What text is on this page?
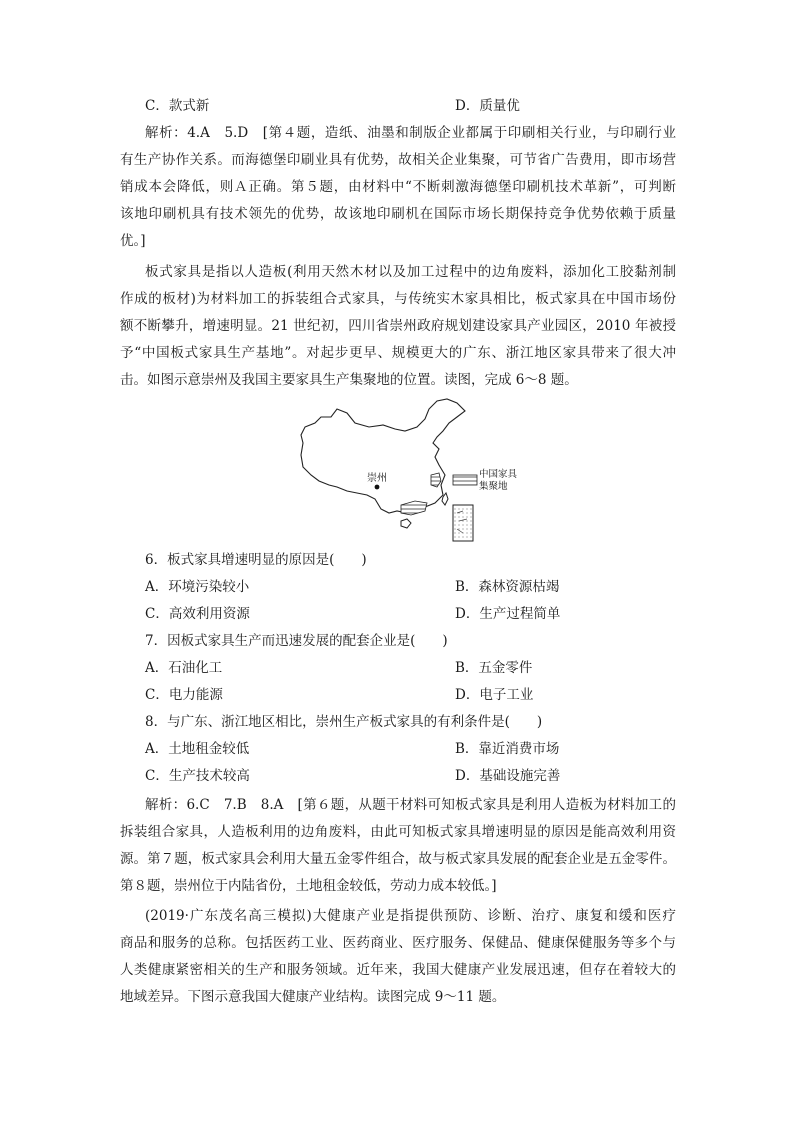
C．款式新	D．质量优
解析：4.A　5.D　[第４题，造纸、油墨和制版企业都属于印刷相关行业，与印刷行业
有生产协作关系。而海德堡印刷业具有优势，故相关企业集聚，可节省广告费用，即市场营
销成本会降低，则Ａ正确。第５题，由材料中“不断刺激海德堡印刷机技术革新”，可判断
该地印刷机具有技术领先的优势，故该地印刷机在国际市场长期保持竞争优势依赖于质量
优。]
板式家具是指以人造板(利用天然木材以及加工过程中的边角废料，添加化工胶黏剂制
作成的板材)为材料加工的拆装组合式家具，与传统实木家具相比，板式家具在中国市场份
额不断攀升，增速明显。21 世纪初，四川省崇州政府规划建设家具产业园区，2010 年被授
予“中国板式家具生产基地”。对起步更早、规模更大的广东、浙江地区家具带来了很大冲
击。如图示意崇州及我国主要家具生产集聚地的位置。读图，完成 6～8 题。
崇州	中国家具
集聚地
6．板式家具增速明显的原因是(　　)
A．环境污染较小	B．森林资源枯竭
C．高效利用资源	D．生产过程简单
7．因板式家具生产而迅速发展的配套企业是(　　)
A．石油化工	B．五金零件
C．电力能源	D．电子工业
8．与广东、浙江地区相比，崇州生产板式家具的有利条件是(　　)
A．土地租金较低	B．靠近消费市场
C．生产技术较高	D．基础设施完善
解析：6.C　7.B　8.A　[第６题，从题干材料可知板式家具是利用人造板为材料加工的
拆装组合家具，人造板利用的边角废料，由此可知板式家具增速明显的原因是能高效利用资
源。第７题，板式家具会利用大量五金零件组合，故与板式家具发展的配套企业是五金零件。
第８题，崇州位于内陆省份，土地租金较低，劳动力成本较低。]
(2019·广东茂名高三模拟)大健康产业是指提供预防、诊断、治疗、康复和缓和医疗
商品和服务的总称。包括医药工业、医药商业、医疗服务、保健品、健康保健服务等多个与
人类健康紧密相关的生产和服务领域。近年来，我国大健康产业发展迅速，但存在着较大的
地域差异。下图示意我国大健康产业结构。读图完成 9～11 题。
